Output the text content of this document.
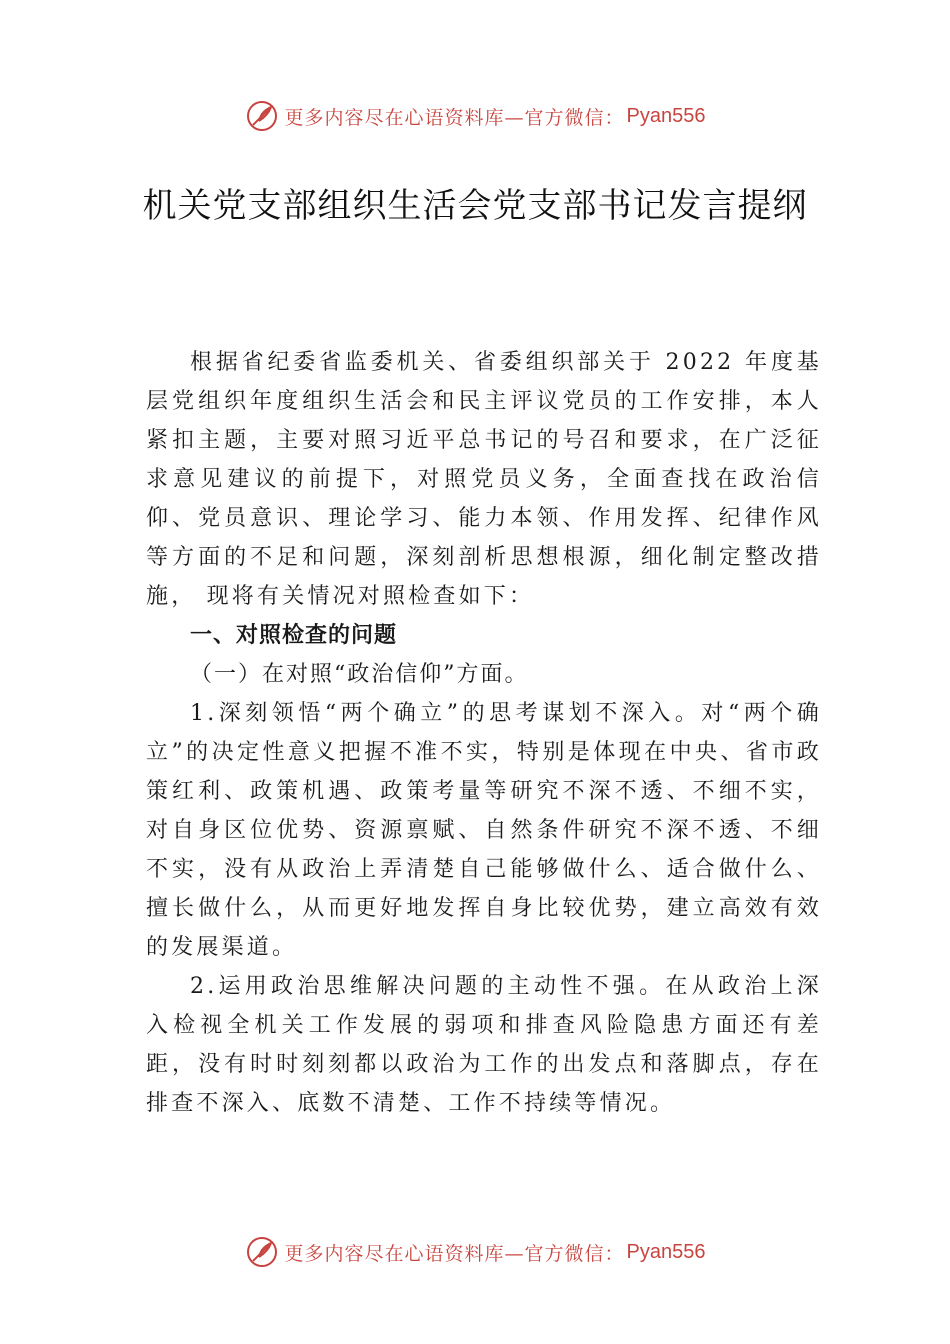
更多内容尽在心语资料库—官方微信： Pyan556
机关党支部组织生活会党支部书记发言提纲

根据省纪委省监委机关、省委组织部关于 2022 年度基层党组织年度组织生活会和民主评议党员的工作安排，本人紧扣主题，主要对照习近平总书记的号召和要求，在广泛征求意见建议的前提下，对照党员义务，全面查找在政治信仰、党员意识、理论学习、能力本领、作用发挥、纪律作风等方面的不足和问题，深刻剖析思想根源，细化制定整改措施， 现将有关情况对照检查如下：

一、对照检查的问题

（一）在对照“政治信仰”方面。

1.深刻领悟“两个确立”的思考谋划不深入。对“两个确立”的决定性意义把握不准不实，特别是体现在中央、省市政策红利、政策机遇、政策考量等研究不深不透、不细不实，对自身区位优势、资源禀赋、自然条件研究不深不透、不细不实，没有从政治上弄清楚自己能够做什么、适合做什么、 擅长做什么，从而更好地发挥自身比较优势，建立高效有效的发展渠道。

2.运用政治思维解决问题的主动性不强。在从政治上深入检视全机关工作发展的弱项和排查风险隐患方面还有差距，没有时时刻刻都以政治为工作的出发点和落脚点，存在排查不深入、底数不清楚、工作不持续等情况。

更多内容尽在心语资料库—官方微信： Pyan556
